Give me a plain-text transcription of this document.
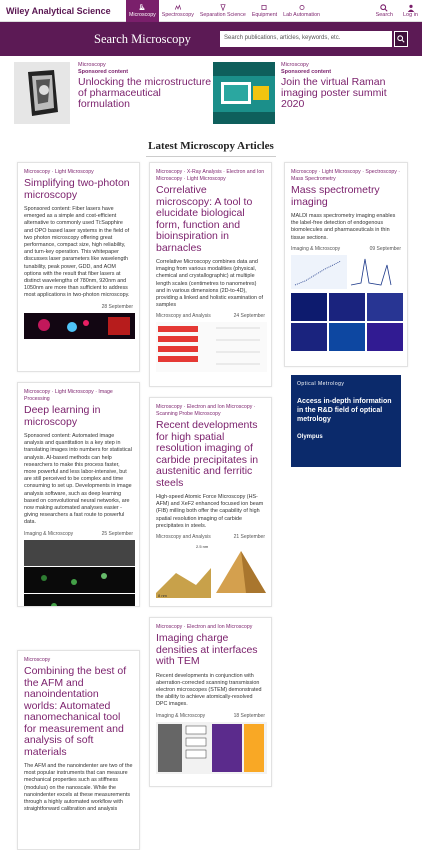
Wiley Analytical Science	Microscopy Spectroscopy Separation Science Equipment Lab Automation	Search Log in
Search Microscopy	Search publications, articles, keywords, etc.
Microscopy
Sponsored content
Unlocking the microstructure of pharmaceutical formulation
Microscopy
Sponsored content
Join the virtual Raman imaging poster summit 2020
Latest Microscopy Articles
Microscopy · Light Microscopy
Simplifying two-photon microscopy
Sponsored content: Fiber lasers have emerged as a simple and cost-efficient alternative to commonly used Ti:Sapphire and OPO based laser systems in the field of two photon microscopy offering great performance, compact size, high reliability, and turn-key operation. This whitepaper discusses laser parameters like wavelength tunability, peak power, GDD, and AOM options with the result that fiber lasers at distinct wavelengths of 780nm, 920nm and 1050nm are more than sufficient to address most applications in two-photon microscopy.
28 September
Microscopy · Light Microscopy · Image Processing
Deep learning in microscopy
Sponsored content: Automated image analysis and quantitation is a key step in translating images into numbers for statistical analysis. AI-based methods can help researchers to make this process faster, more powerful and less labor-intensive, but are still perceived to be complex and time consuming to set up. Developments in image analysis software, such as deep learning based on convolutional neural networks, are now making automated analyses easier - giving researchers a fast route to powerful data.
Imaging & Microscopy	25 September
Microscopy
Combining the best of the AFM and nanoindentation worlds: Automated nanomechanical tool for measurement and analysis of soft materials
The AFM and the nanoindenter are two of the most popular instruments that can measure mechanical properties such as stiffness (modulus) on the nanoscale. While the nanoindenter excels at these measurements through a highly automated workflow with straightforward calibration and analysis
Microscopy · X-Ray Analysis · Electron and Ion Microscopy · Light Microscopy
Correlative microscopy: A tool to elucidate biological form, function and bioinspiration in barnacles
Correlative Microscopy combines data and imaging from various modalities (physical, chemical and crystallographic) at multiple length scales (centimetres to nanometres) and in various dimensions (2D-to-4D), providing a linked and holistic examination of samples
Microscopy and Analysis	24 September
Microscopy · Electron and Ion Microscopy · Scanning Probe Microscopy
Recent developments for high spatial resolution imaging of carbide precipitates in austenitic and ferritic steels
High-speed Atomic Force Microscopy (HS-AFM) and XeF2 enhanced focused ion beam (FIB) milling both offer the capability of high spatial resolution imaging of carbide precipitates in steels.
Microscopy and Analysis	21 September
2.5 nm
8 nm
Microscopy · Electron and Ion Microscopy
Imaging charge densities at interfaces with TEM
Recent developments in conjunction with aberration-corrected scanning transmission electron microscopes (STEM) demonstrated the ability to achieve atomically-resolved DPC images.
Imaging & Microscopy	18 September
Microscopy · Light Microscopy · Spectroscopy · Mass Spectrometry
Mass spectrometry imaging
MALDI mass spectrometry imaging enables the label-free detection of endogenous biomolecules and pharmaceuticals in thin tissue sections.
Imaging & Microscopy	09 September
Optical Metrology
Access in-depth information in the R&D field of optical metrology
Olympus
